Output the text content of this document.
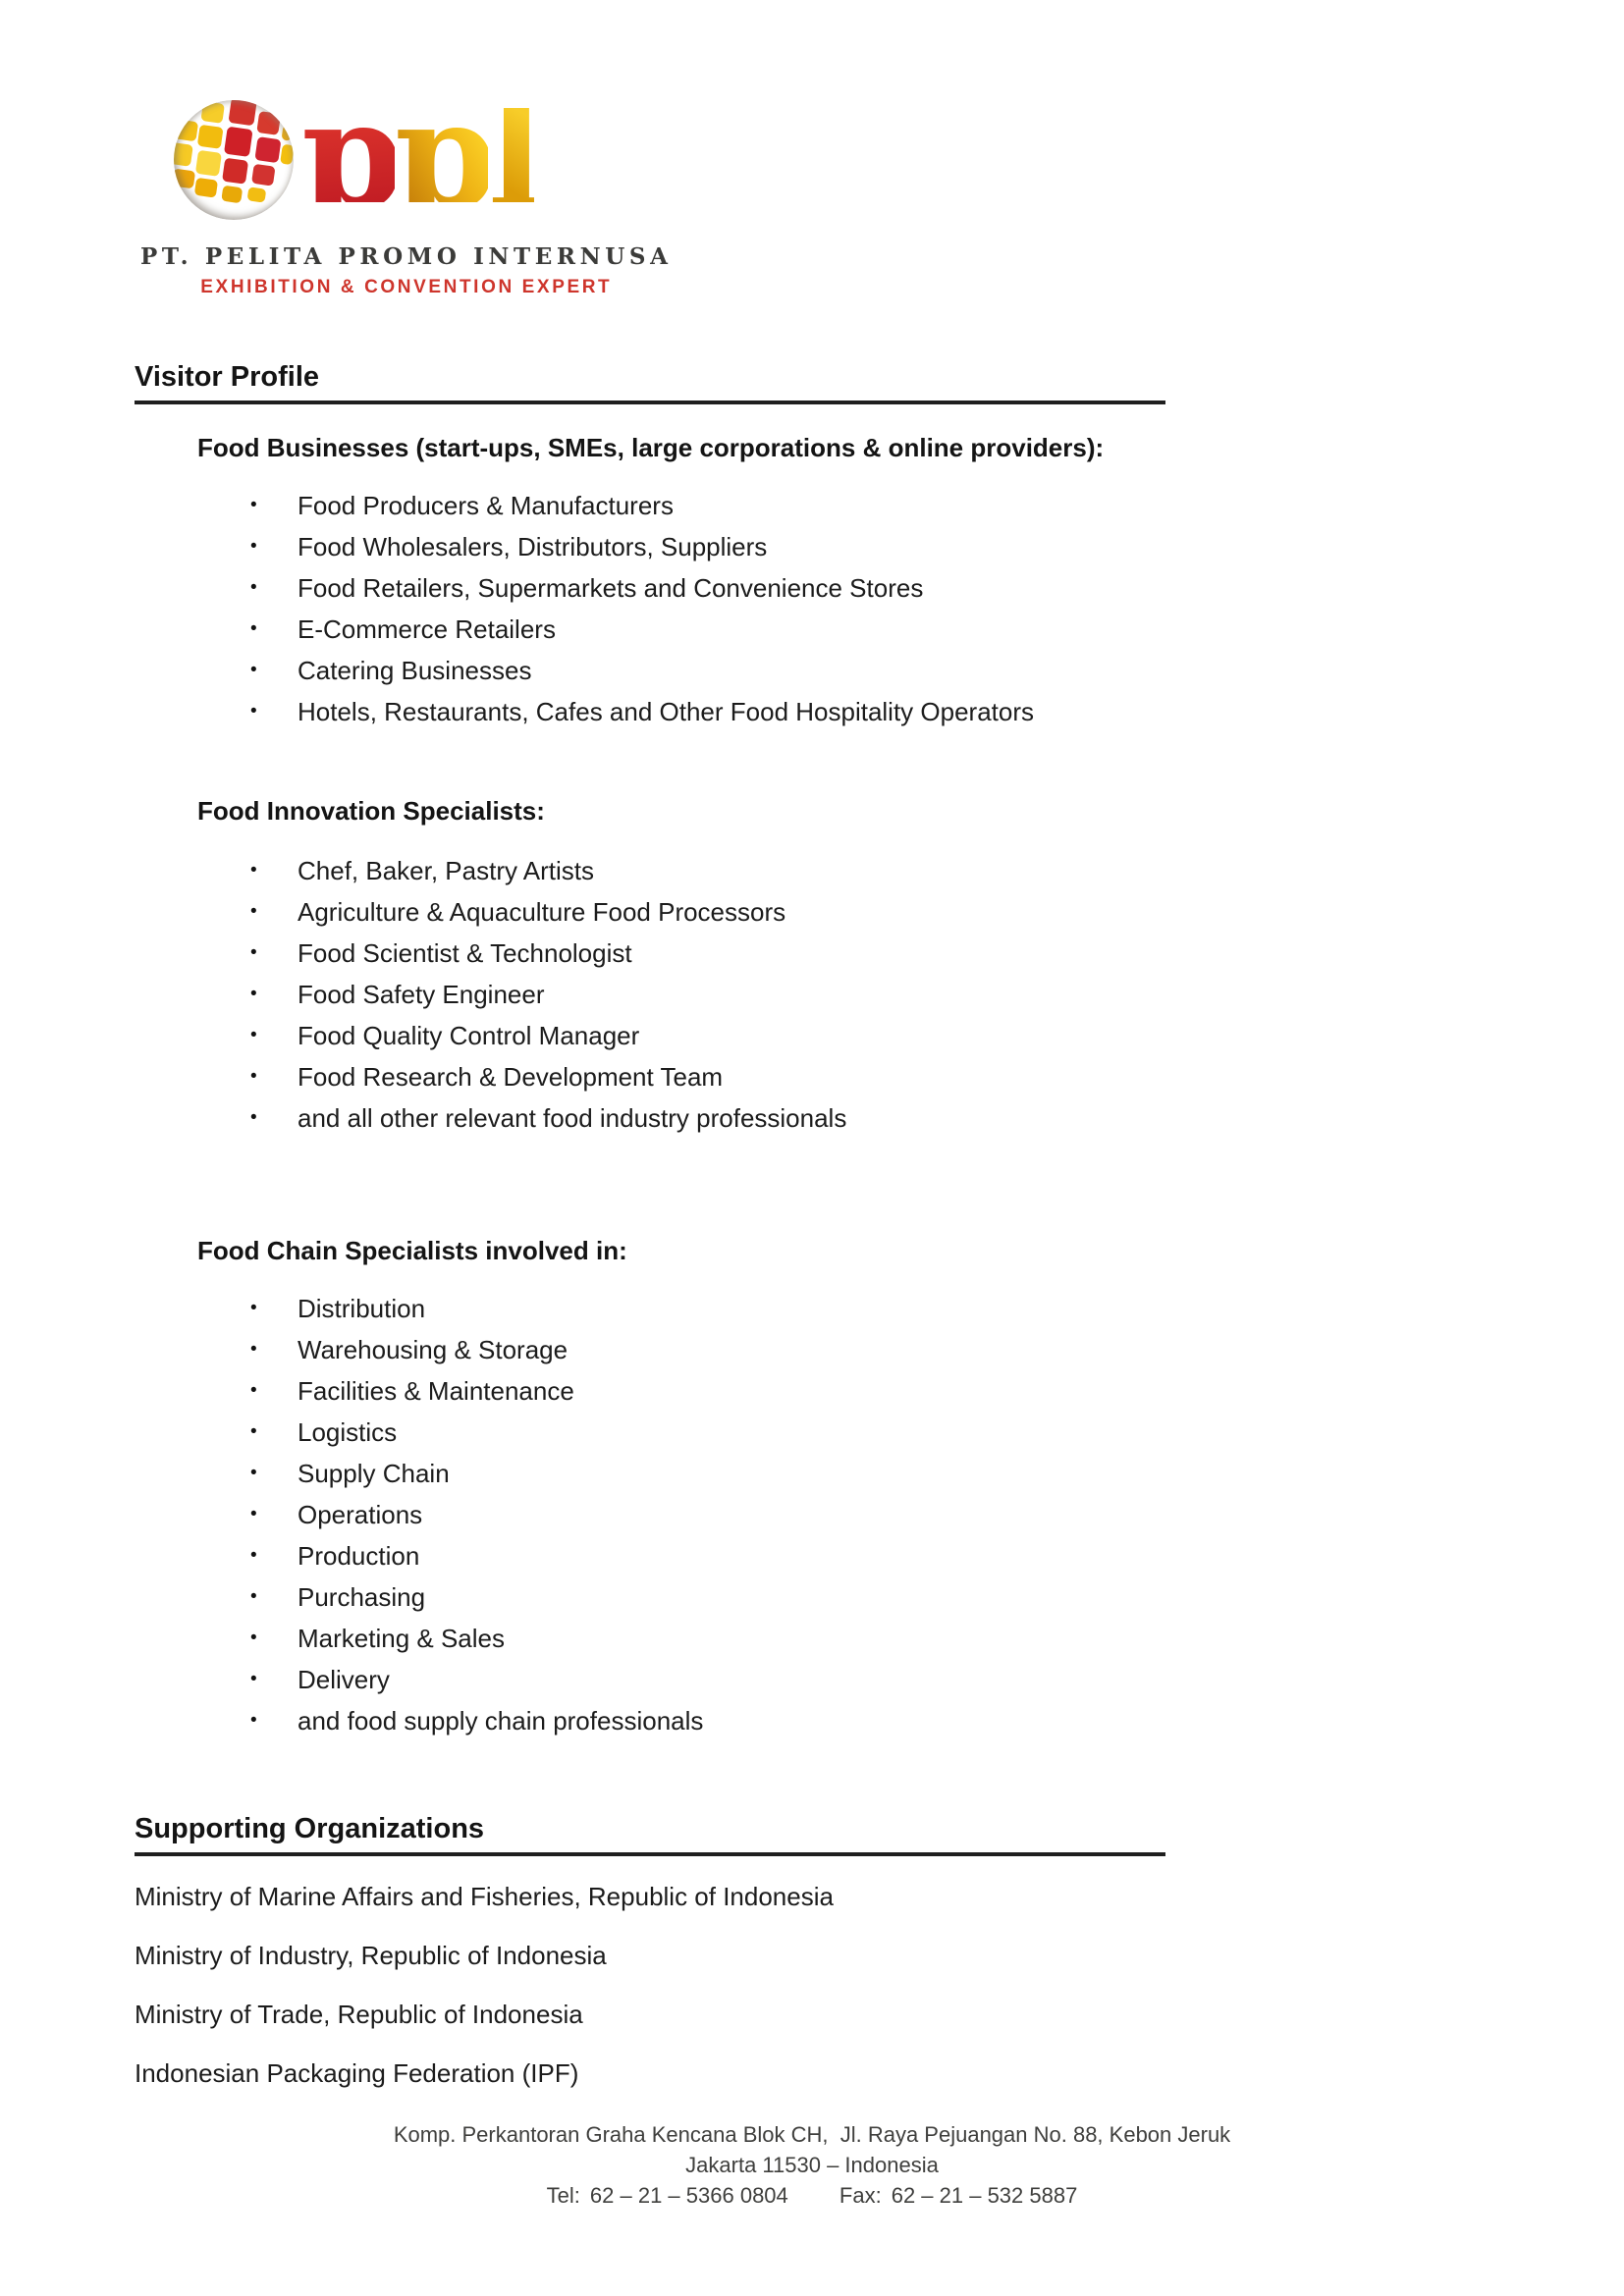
ppl
PT. PELITA PROMO INTERNUSA
EXHIBITION & CONVENTION EXPERT
Visitor Profile
Food Businesses (start-ups, SMEs, large corporations & online providers):
• Food Producers & Manufacturers
• Food Wholesalers, Distributors, Suppliers
• Food Retailers, Supermarkets and Convenience Stores
• E-Commerce Retailers
• Catering Businesses
• Hotels, Restaurants, Cafes and Other Food Hospitality Operators
Food Innovation Specialists:
• Chef, Baker, Pastry Artists
• Agriculture & Aquaculture Food Processors
• Food Scientist & Technologist
• Food Safety Engineer
• Food Quality Control Manager
• Food Research & Development Team
• and all other relevant food industry professionals
Food Chain Specialists involved in:
• Distribution
• Warehousing & Storage
• Facilities & Maintenance
• Logistics
• Supply Chain
• Operations
• Production
• Purchasing
• Marketing & Sales
• Delivery
• and food supply chain professionals
Supporting Organizations

Ministry of Marine Affairs and Fisheries, Republic of Indonesia

Ministry of Industry, Republic of Indonesia

Ministry of Trade, Republic of Indonesia

Indonesian Packaging Federation (IPF)

Komp. Perkantoran Graha Kencana Blok CH,  Jl. Raya Pejuangan No. 88, Kebon Jeruk
Jakarta 11530 – Indonesia
Tel: 62 – 21 – 5366 0804 Fax: 62 – 21 – 532 5887
